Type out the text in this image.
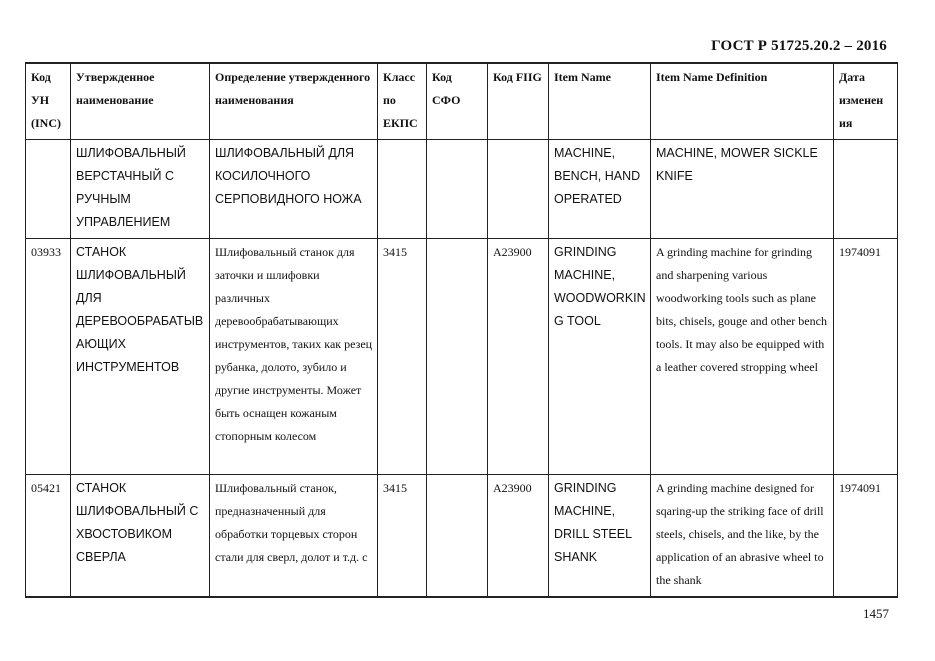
ГОСТ Р 51725.20.2 – 2016
Код УН (INC)	Утвержденное наименование	Определение утвержденного наименования	Класс по ЕКПС	Код СФО	Код FIIG	Item Name	Item Name Definition	Дата изменен ия
	ШЛИФОВАЛЬНЫЙ ВЕРСТАЧНЫЙ С РУЧНЫМ УПРАВЛЕНИЕМ	ШЛИФОВАЛЬНЫЙ ДЛЯ КОСИЛОЧНОГО СЕРПОВИДНОГО НОЖА				MACHINE, BENCH, HAND OPERATED	MACHINE, MOWER SICKLE KNIFE	
03933	СТАНОК ШЛИФОВАЛЬНЫЙ ДЛЯ ДЕРЕВООБРАБАТЫВАЮЩИХ ИНСТРУМЕНТОВ	Шлифовальный станок для заточки и шлифовки различных деревообрабатывающих инструментов, таких как резец рубанка, долото, зубило и другие инструменты. Может быть оснащен кожаным стопорным колесом	3415		A23900	GRINDING MACHINE, WOODWORKING TOOL	A grinding machine for grinding and sharpening various woodworking tools such as plane bits, chisels, gouge and other bench tools. It may also be equipped with a leather covered stropping wheel	1974091
05421	СТАНОК ШЛИФОВАЛЬНЫЙ С ХВОСТОВИКОМ СВЕРЛА	Шлифовальный станок, предназначенный для обработки торцевых сторон стали для сверл, долот и т.д. с	3415		A23900	GRINDING MACHINE, DRILL STEEL SHANK	A grinding machine designed for sqaring-up the striking face of drill steels, chisels, and the like, by the application of an abrasive wheel to the shank	1974091
1457
